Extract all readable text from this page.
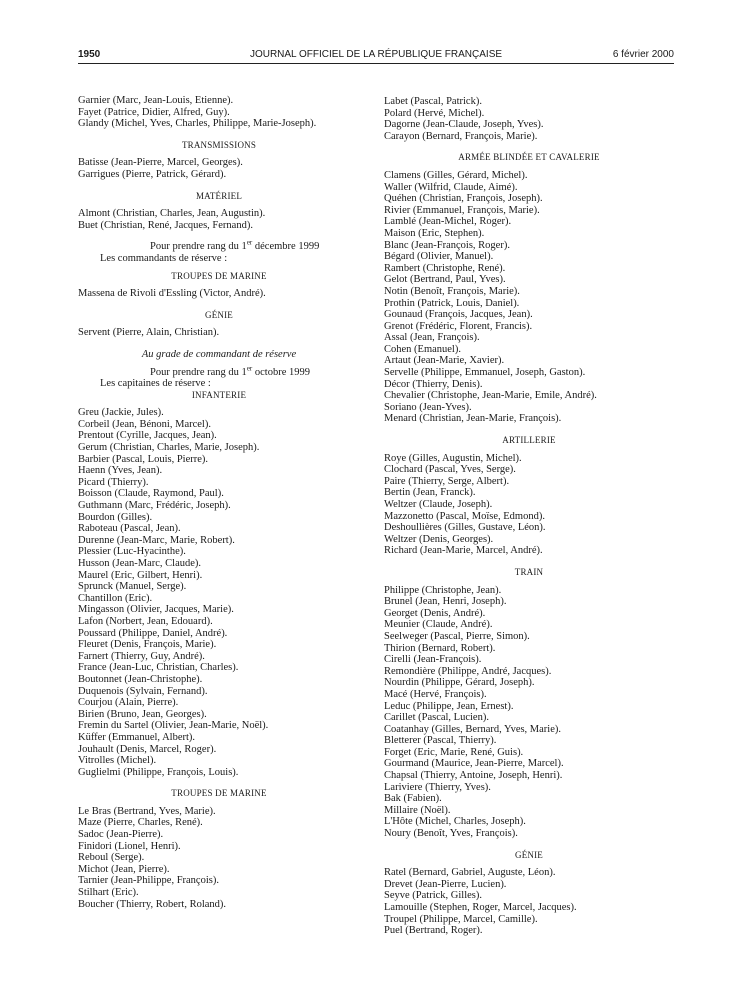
1950	JOURNAL OFFICIEL DE LA RÉPUBLIQUE FRANÇAISE	6 février 2000
Garnier (Marc, Jean-Louis, Etienne).
Fayet (Patrice, Didier, Alfred, Guy).
Glandy (Michel, Yves, Charles, Philippe, Marie-Joseph).
TRANSMISSIONS
Batisse (Jean-Pierre, Marcel, Georges).
Garrigues (Pierre, Patrick, Gérard).
MATÉRIEL
Almont (Christian, Charles, Jean, Augustin).
Buet (Christian, René, Jacques, Fernand).
Pour prendre rang du 1er décembre 1999
Les commandants de réserve :
TROUPES DE MARINE
Massena de Rivoli d'Essling (Victor, André).
GÉNIE
Servent (Pierre, Alain, Christian).
Au grade de commandant de réserve
Pour prendre rang du 1er octobre 1999
Les capitaines de réserve :
INFANTERIE
Greu (Jackie, Jules).
Corbeil (Jean, Bénoni, Marcel).
Prentout (Cyrille, Jacques, Jean).
Gerum (Christian, Charles, Marie, Joseph).
Barbier (Pascal, Louis, Pierre).
Haenn (Yves, Jean).
Picard (Thierry).
Boisson (Claude, Raymond, Paul).
Guthmann (Marc, Frédéric, Joseph).
Bourdon (Gilles).
Raboteau (Pascal, Jean).
Durenne (Jean-Marc, Marie, Robert).
Plessier (Luc-Hyacinthe).
Husson (Jean-Marc, Claude).
Maurel (Eric, Gilbert, Henri).
Sprunck (Manuel, Serge).
Chantillon (Eric).
Mingasson (Olivier, Jacques, Marie).
Lafon (Norbert, Jean, Edouard).
Poussard (Philippe, Daniel, André).
Fleuret (Denis, François, Marie).
Farnert (Thierry, Guy, André).
France (Jean-Luc, Christian, Charles).
Boutonnet (Jean-Christophe).
Duquenois (Sylvain, Fernand).
Courjou (Alain, Pierre).
Birien (Bruno, Jean, Georges).
Fremin du Sartel (Olivier, Jean-Marie, Noël).
Küffer (Emmanuel, Albert).
Jouhault (Denis, Marcel, Roger).
Vitrolles (Michel).
Guglielmi (Philippe, François, Louis).
TROUPES DE MARINE
Le Bras (Bertrand, Yves, Marie).
Maze (Pierre, Charles, René).
Sadoc (Jean-Pierre).
Finidori (Lionel, Henri).
Reboul (Serge).
Michot (Jean, Pierre).
Tarnier (Jean-Philippe, François).
Stilhart (Eric).
Boucher (Thierry, Robert, Roland).
Labet (Pascal, Patrick).
Polard (Hervé, Michel).
Dagorne (Jean-Claude, Joseph, Yves).
Carayon (Bernard, François, Marie).
ARMÉE BLINDÉE ET CAVALERIE
Clamens (Gilles, Gérard, Michel).
Waller (Wilfrid, Claude, Aimé).
Quéhen (Christian, François, Joseph).
Rivier (Emmanuel, François, Marie).
Lamblé (Jean-Michel, Roger).
Maison (Eric, Stephen).
Blanc (Jean-François, Roger).
Bégard (Olivier, Manuel).
Rambert (Christophe, René).
Gelot (Bertrand, Paul, Yves).
Notin (Benoît, François, Marie).
Prothin (Patrick, Louis, Daniel).
Gounaud (François, Jacques, Jean).
Grenot (Frédéric, Florent, Francis).
Assal (Jean, François).
Cohen (Emanuel).
Artaut (Jean-Marie, Xavier).
Servelle (Philippe, Emmanuel, Joseph, Gaston).
Décor (Thierry, Denis).
Chevalier (Christophe, Jean-Marie, Emile, André).
Soriano (Jean-Yves).
Menard (Christian, Jean-Marie, François).
ARTILLERIE
Roye (Gilles, Augustin, Michel).
Clochard (Pascal, Yves, Serge).
Paire (Thierry, Serge, Albert).
Bertin (Jean, Franck).
Weltzer (Claude, Joseph).
Mazzonetto (Pascal, Moïse, Edmond).
Deshoullières (Gilles, Gustave, Léon).
Weltzer (Denis, Georges).
Richard (Jean-Marie, Marcel, André).
TRAIN
Philippe (Christophe, Jean).
Brunel (Jean, Henri, Joseph).
Georget (Denis, André).
Meunier (Claude, André).
Seelweger (Pascal, Pierre, Simon).
Thirion (Bernard, Robert).
Cirelli (Jean-François).
Remondière (Philippe, André, Jacques).
Nourdin (Philippe, Gérard, Joseph).
Macé (Hervé, François).
Leduc (Philippe, Jean, Ernest).
Carillet (Pascal, Lucien).
Coatanhay (Gilles, Bernard, Yves, Marie).
Bletterer (Pascal, Thierry).
Forget (Eric, Marie, René, Guis).
Gourmand (Maurice, Jean-Pierre, Marcel).
Chapsal (Thierry, Antoine, Joseph, Henri).
Lariviere (Thierry, Yves).
Bak (Fabien).
Millaire (Noël).
L'Hôte (Michel, Charles, Joseph).
Noury (Benoît, Yves, François).
GÉNIE
Ratel (Bernard, Gabriel, Auguste, Léon).
Drevet (Jean-Pierre, Lucien).
Seyve (Patrick, Gilles).
Lamouille (Stephen, Roger, Marcel, Jacques).
Troupel (Philippe, Marcel, Camille).
Puel (Bertrand, Roger).
